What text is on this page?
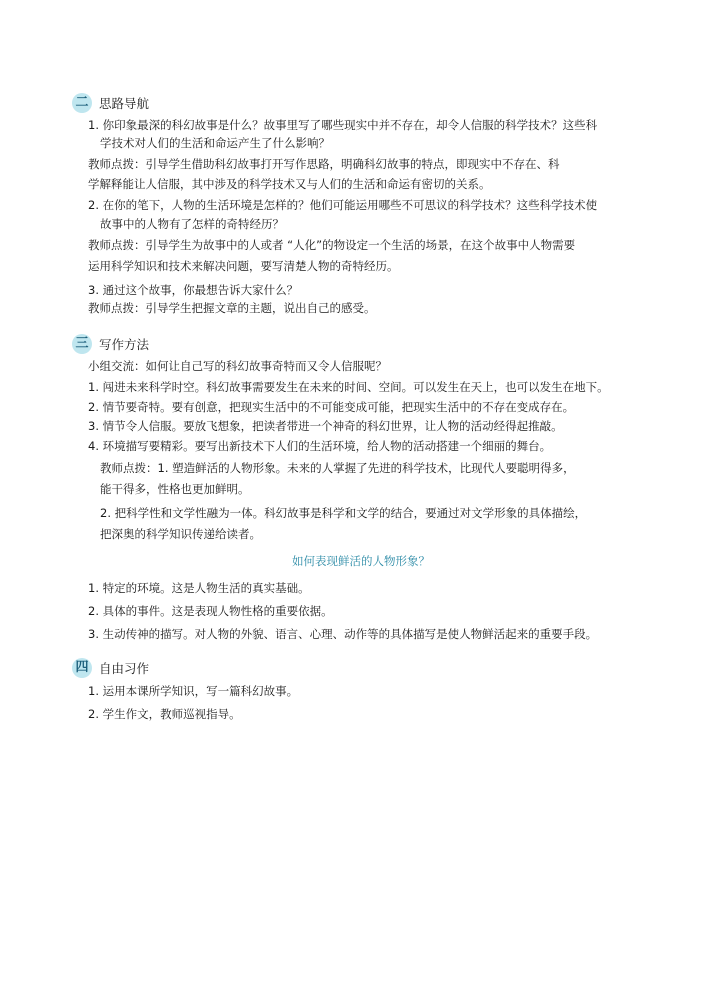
二 思路导航
1. 你印象最深的科幻故事是什么？故事里写了哪些现实中并不存在，却令人信服的科学技术？这些科
学技术对人们的生活和命运产生了什么影响？
教师点拨：引导学生借助科幻故事打开写作思路，明确科幻故事的特点，即现实中不存在、科
学解释能让人信服，其中涉及的科学技术又与人们的生活和命运有密切的关系。
2. 在你的笔下，人物的生活环境是怎样的？他们可能运用哪些不可思议的科学技术？这些科学技术使
故事中的人物有了怎样的奇特经历？
教师点拨：引导学生为故事中的人或者 “人化”的物设定一个生活的场景，在这个故事中人物需要
运用科学知识和技术来解决问题，要写清楚人物的奇特经历。
3. 通过这个故事，你最想告诉大家什么？
教师点拨：引导学生把握文章的主题，说出自己的感受。
三 写作方法
小组交流：如何让自己写的科幻故事奇特而又令人信服呢？
1. 闯进未来科学时空。科幻故事需要发生在未来的时间、空间。可以发生在天上，也可以发生在地下。
2. 情节要奇特。要有创意，把现实生活中的不可能变成可能，把现实生活中的不存在变成存在。
3. 情节令人信服。要放飞想象，把读者带进一个神奇的科幻世界，让人物的活动经得起推敲。
4. 环境描写要精彩。要写出新技术下人们的生活环境，给人物的活动搭建一个细丽的舞台。
教师点拨：1. 塑造鲜活的人物形象。未来的人掌握了先进的科学技术，比现代人要聪明得多，
能干得多，性格也更加鲜明。
2. 把科学性和文学性融为一体。科幻故事是科学和文学的结合，要通过对文学形象的具体描绘，
把深奥的科学知识传递给读者。
如何表现鲜活的人物形象？
1. 特定的环境。这是人物生活的真实基础。
2. 具体的事件。这是表现人物性格的重要依据。
3. 生动传神的描写。对人物的外貌、语言、心理、动作等的具体描写是使人物鲜活起来的重要手段。
四 自由习作
1. 运用本课所学知识，写一篇科幻故事。
2. 学生作文，教师巡视指导。
